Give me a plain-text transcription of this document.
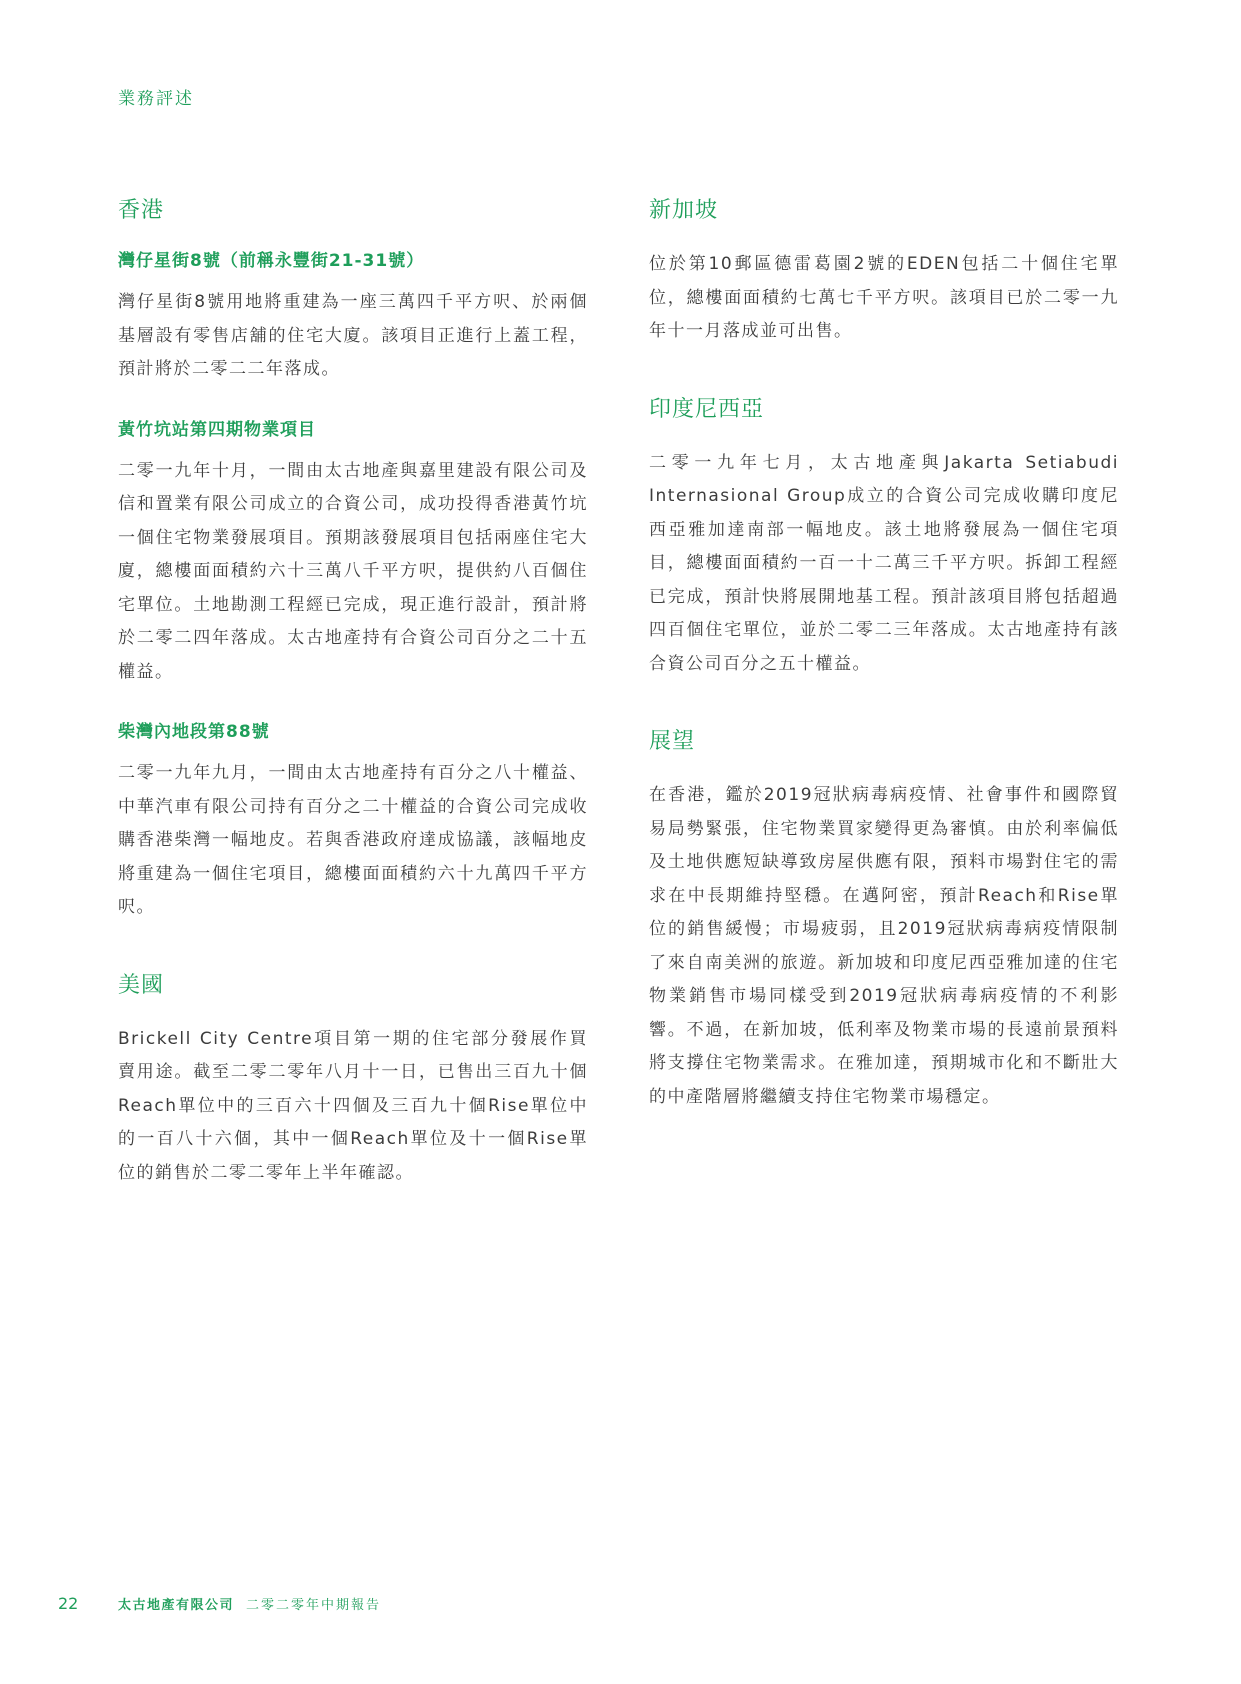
業務評述
香港
灣仔星街8號（前稱永豐街21-31號）

灣仔星街8號用地將重建為一座三萬四千平方呎、於兩個基層設有零售店舖的住宅大廈。該項目正進行上蓋工程，預計將於二零二二年落成。

黃竹坑站第四期物業項目

二零一九年十月，一間由太古地產與嘉里建設有限公司及信和置業有限公司成立的合資公司，成功投得香港黃竹坑一個住宅物業發展項目。預期該發展項目包括兩座住宅大廈，總樓面面積約六十三萬八千平方呎，提供約八百個住宅單位。土地勘測工程經已完成，現正進行設計，預計將於二零二四年落成。太古地產持有合資公司百分之二十五權益。

柴灣內地段第88號

二零一九年九月，一間由太古地產持有百分之八十權益、中華汽車有限公司持有百分之二十權益的合資公司完成收購香港柴灣一幅地皮。若與香港政府達成協議，該幅地皮將重建為一個住宅項目，總樓面面積約六十九萬四千平方呎。

美國

Brickell City Centre項目第一期的住宅部分發展作買賣用途。截至二零二零年八月十一日，已售出三百九十個Reach單位中的三百六十四個及三百九十個Rise單位中的一百八十六個，其中一個Reach單位及十一個Rise單位的銷售於二零二零年上半年確認。

新加坡

位於第10郵區德雷葛園2號的EDEN包括二十個住宅單位，總樓面面積約七萬七千平方呎。該項目已於二零一九年十一月落成並可出售。

印度尼西亞

二零一九年七月，太古地產與Jakarta Setiabudi Internasional Group成立的合資公司完成收購印度尼西亞雅加達南部一幅地皮。該土地將發展為一個住宅項目，總樓面面積約一百一十二萬三千平方呎。拆卸工程經已完成，預計快將展開地基工程。預計該項目將包括超過四百個住宅單位，並於二零二三年落成。太古地產持有該合資公司百分之五十權益。

展望

在香港，鑑於2019冠狀病毒病疫情、社會事件和國際貿易局勢緊張，住宅物業買家變得更為審慎。由於利率偏低及土地供應短缺導致房屋供應有限，預料市場對住宅的需求在中長期維持堅穩。在邁阿密，預計Reach和Rise單位的銷售緩慢；市場疲弱，且2019冠狀病毒病疫情限制了來自南美洲的旅遊。新加坡和印度尼西亞雅加達的住宅物業銷售市場同樣受到2019冠狀病毒病疫情的不利影響。不過，在新加坡，低利率及物業市場的長遠前景預料將支撐住宅物業需求。在雅加達，預期城市化和不斷壯大的中產階層將繼續支持住宅物業市場穩定。

22	太古地產有限公司 二零二零年中期報告
